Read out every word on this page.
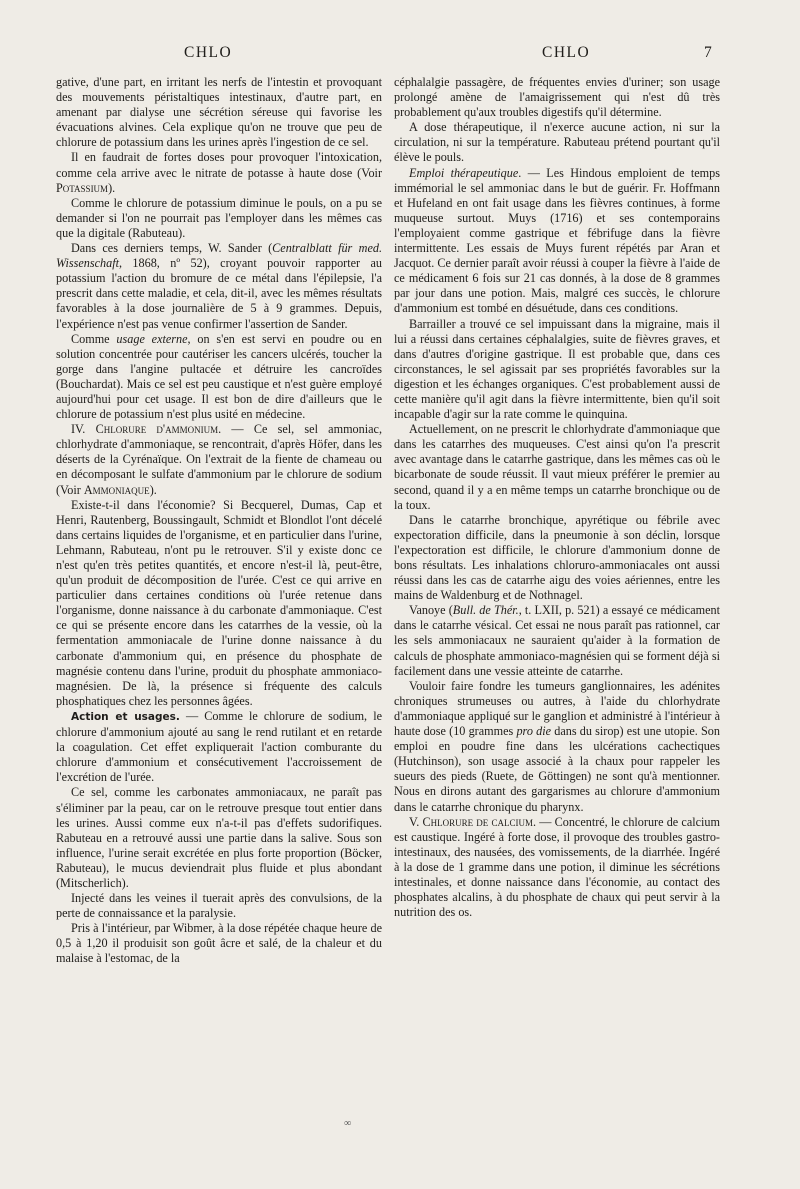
CHLO	CHLO	7

gative, d'une part, en irritant les nerfs de l'intestin et provoquant des mouvements péristaltiques intestinaux, d'autre part, en amenant par dialyse une sécrétion séreuse qui favorise les évacuations alvines. Cela explique qu'on ne trouve que peu de chlorure de potassium dans les urines après l'ingestion de ce sel.

Il en faudrait de fortes doses pour provoquer l'intoxication, comme cela arrive avec le nitrate de potasse à haute dose (Voir Potassium).

Comme le chlorure de potassium diminue le pouls, on a pu se demander si l'on ne pourrait pas l'employer dans les mêmes cas que la digitale (Rabuteau).

Dans ces derniers temps, W. Sander (Centralblatt für med. Wissenschaft, 1868, nº 52), croyant pouvoir rapporter au potassium l'action du bromure de ce métal dans l'épilepsie, l'a prescrit dans cette maladie, et cela, dit-il, avec les mêmes résultats favorables à la dose journalière de 5 à 9 grammes. Depuis, l'expérience n'est pas venue confirmer l'assertion de Sander.

Comme usage externe, on s'en est servi en poudre ou en solution concentrée pour cautériser les cancers ulcérés, toucher la gorge dans l'angine pultacée et détruire les cancroïdes (Bouchardat). Mais ce sel est peu caustique et n'est guère employé aujourd'hui pour cet usage. Il est bon de dire d'ailleurs que le chlorure de potassium n'est plus usité en médecine.

IV. Chlorure d'ammonium. — Ce sel, sel ammoniac, chlorhydrate d'ammoniaque, se rencontrait, d'après Höfer, dans les déserts de la Cyrénaïque. On l'extrait de la fiente de chameau ou en décomposant le sulfate d'ammonium par le chlorure de sodium (Voir Ammoniaque).

Existe-t-il dans l'économie? Si Becquerel, Dumas, Cap et Henri, Rautenberg, Boussingault, Schmidt et Blondlot l'ont décelé dans certains liquides de l'organisme, et en particulier dans l'urine, Lehmann, Rabuteau, n'ont pu le retrouver. S'il y existe donc ce n'est qu'en très petites quantités, et encore n'est-il là, peut-être, qu'un produit de décomposition de l'urée. C'est ce qui arrive en particulier dans certaines conditions où l'urée retenue dans l'organisme, donne naissance à du carbonate d'ammoniaque. C'est ce qui se présente encore dans les catarrhes de la vessie, où la fermentation ammoniacale de l'urine donne naissance à du carbonate d'ammonium qui, en présence du phosphate de magnésie contenu dans l'urine, produit du phosphate ammoniaco-magnésien. De là, la présence si fréquente des calculs phosphatiques chez les personnes âgées.

Action et usages. — Comme le chlorure de sodium, le chlorure d'ammonium ajouté au sang le rend rutilant et en retarde la coagulation. Cet effet expliquerait l'action comburante du chlorure d'ammonium et consécutivement l'accroissement de l'excrétion de l'urée.

Ce sel, comme les carbonates ammoniacaux, ne paraît pas s'éliminer par la peau, car on le retrouve presque tout entier dans les urines. Aussi comme eux n'a-t-il pas d'effets sudorifiques. Rabuteau en a retrouvé aussi une partie dans la salive. Sous son influence, l'urine serait excrétée en plus forte proportion (Böcker, Rabuteau), le mucus deviendrait plus fluide et plus abondant (Mitscherlich).

Injecté dans les veines il tuerait après des convulsions, de la perte de connaissance et la paralysie.

Pris à l'intérieur, par Wibmer, à la dose répétée chaque heure de 0,5 à 1,20 il produisit son goût âcre et salé, de la chaleur et du malaise à l'estomac, de la

céphalalgie passagère, de fréquentes envies d'uriner; son usage prolongé amène de l'amaigrissement qui n'est dû très probablement qu'aux troubles digestifs qu'il détermine.

A dose thérapeutique, il n'exerce aucune action, ni sur la circulation, ni sur la température. Rabuteau prétend pourtant qu'il élève le pouls.

Emploi thérapeutique. — Les Hindous emploient de temps immémorial le sel ammoniac dans le but de guérir. Fr. Hoffmann et Hufeland en ont fait usage dans les fièvres continues, à forme muqueuse surtout. Muys (1716) et ses contemporains l'employaient comme gastrique et fébrifuge dans la fièvre intermittente. Les essais de Muys furent répétés par Aran et Jacquot. Ce dernier paraît avoir réussi à couper la fièvre à l'aide de ce médicament 6 fois sur 21 cas donnés, à la dose de 8 grammes par jour dans une potion. Mais, malgré ces succès, le chlorure d'ammonium est tombé en désuétude, dans ces conditions.

Barrailler a trouvé ce sel impuissant dans la migraine, mais il lui a réussi dans certaines céphalalgies, suite de fièvres graves, et dans d'autres d'origine gastrique. Il est probable que, dans ces circonstances, le sel agissait par ses propriétés favorables sur la digestion et les échanges organiques. C'est probablement aussi de cette manière qu'il agit dans la fièvre intermittente, bien qu'il soit incapable d'agir sur la rate comme le quinquina.

Actuellement, on ne prescrit le chlorhydrate d'ammoniaque que dans les catarrhes des muqueuses. C'est ainsi qu'on l'a prescrit avec avantage dans le catarrhe gastrique, dans les mêmes cas où le bicarbonate de soude réussit. Il vaut mieux préférer le premier au second, quand il y a en même temps un catarrhe bronchique ou de la toux.

Dans le catarrhe bronchique, apyrétique ou fébrile avec expectoration difficile, dans la pneumonie à son déclin, lorsque l'expectoration est difficile, le chlorure d'ammonium donne de bons résultats. Les inhalations chloruro-ammoniacales ont aussi réussi dans les cas de catarrhe aigu des voies aériennes, entre les mains de Waldenburg et de Nothnagel.

Vanoye (Bull. de Thér., t. LXII, p. 521) a essayé ce médicament dans le catarrhe vésical. Cet essai ne nous paraît pas rationnel, car les sels ammoniacaux ne sauraient qu'aider à la formation de calculs de phosphate ammoniaco-magnésien qui se forment déjà si facilement dans une vessie atteinte de catarrhe.

Vouloir faire fondre les tumeurs ganglionnaires, les adénites chroniques strumeuses ou autres, à l'aide du chlorhydrate d'ammoniaque appliqué sur le ganglion et administré à l'intérieur à haute dose (10 grammes pro die dans du sirop) est une utopie. Son emploi en poudre fine dans les ulcérations cachectiques (Hutchinson), son usage associé à la chaux pour rappeler les sueurs des pieds (Ruete, de Göttingen) ne sont qu'à mentionner. Nous en dirons autant des gargarismes au chlorure d'ammonium dans le catarrhe chronique du pharynx.

V. Chlorure de calcium. — Concentré, le chlorure de calcium est caustique. Ingéré à forte dose, il provoque des troubles gastro-intestinaux, des nausées, des vomissements, de la diarrhée. Ingéré à la dose de 1 gramme dans une potion, il diminue les sécrétions intestinales, et donne naissance dans l'économie, au contact des phosphates alcalins, à du phosphate de chaux qui peut servir à la nutrition des os.

∞
